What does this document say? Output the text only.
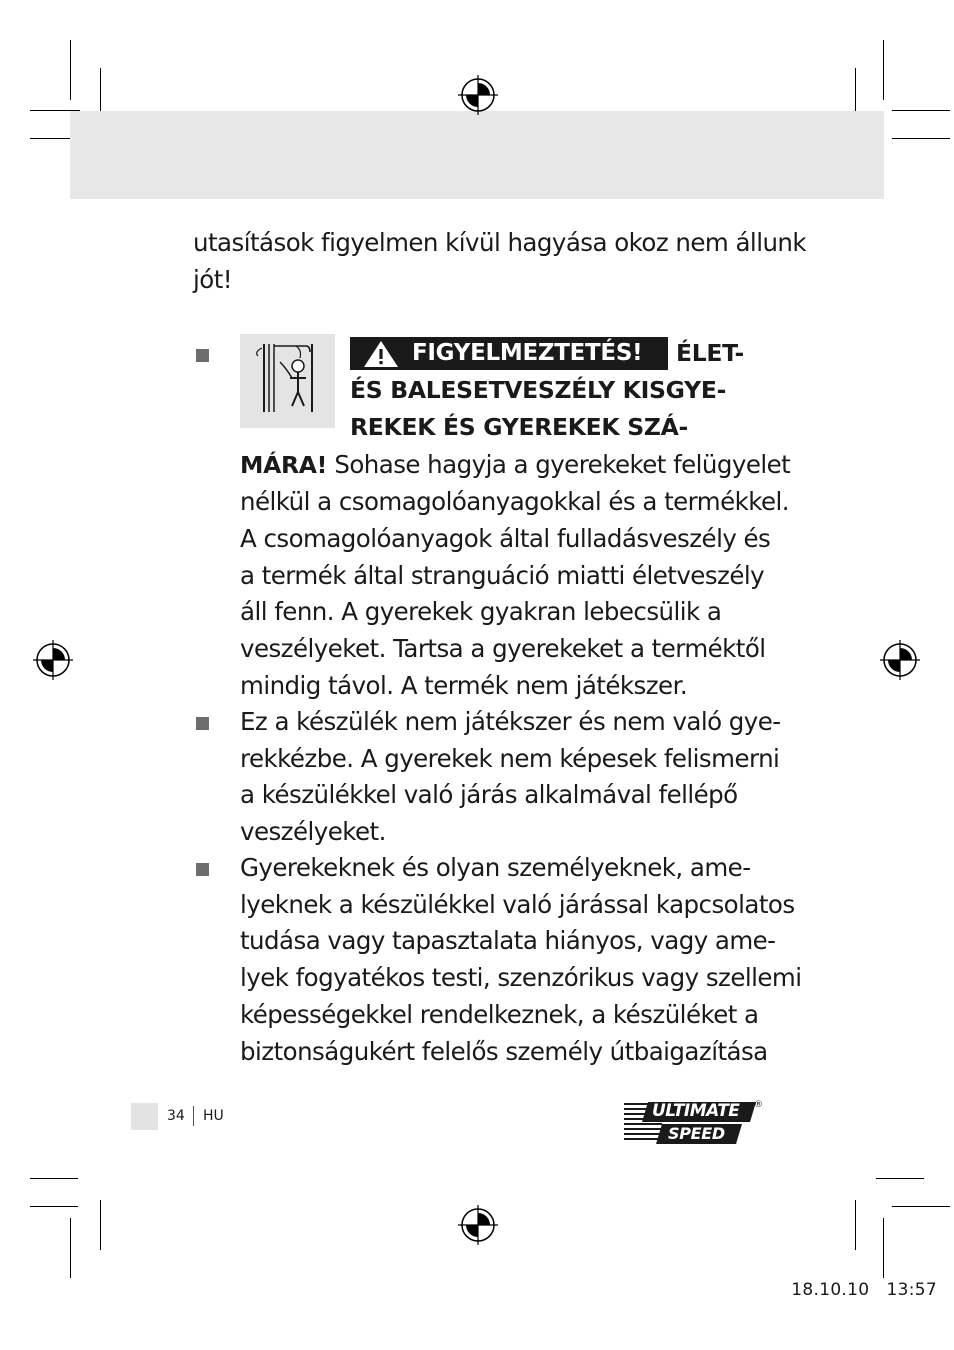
utasítások figyelmen kívül hagyása okoz nem állunk
jót!
FIGYELMEZTETÉS! ÉLET-
ÉS BALESETVESZÉLY KISGYE-
REKEK ÉS GYEREKEK SZÁ-
MÁRA! Sohase hagyja a gyerekeket felügyelet
nélkül a csomagolóanyagokkal és a termékkel.
A csomagolóanyagok által fulladásveszély és
a termék által stranguáció miatti életveszély
áll fenn. A gyerekek gyakran lebecsülik a
veszélyeket. Tartsa a gyerekeket a terméktől
mindig távol. A termék nem játékszer.
Ez a készülék nem játékszer és nem való gye-
rekkézbe. A gyerekek nem képesek felismerni
a készülékkel való járás alkalmával fellépő
veszélyeket.
Gyerekeknek és olyan személyeknek, ame-
lyeknek a készülékkel való járással kapcsolatos
tudása vagy tapasztalata hiányos, vagy ame-
lyek fogyatékos testi, szenzórikus vagy szellemi
képességekkel rendelkeznek, a készüléket a
biztonságukért felelős személy útbaigazítása
34 HU	ULTIMATE
SPEED
®
18.10.10 13:57
